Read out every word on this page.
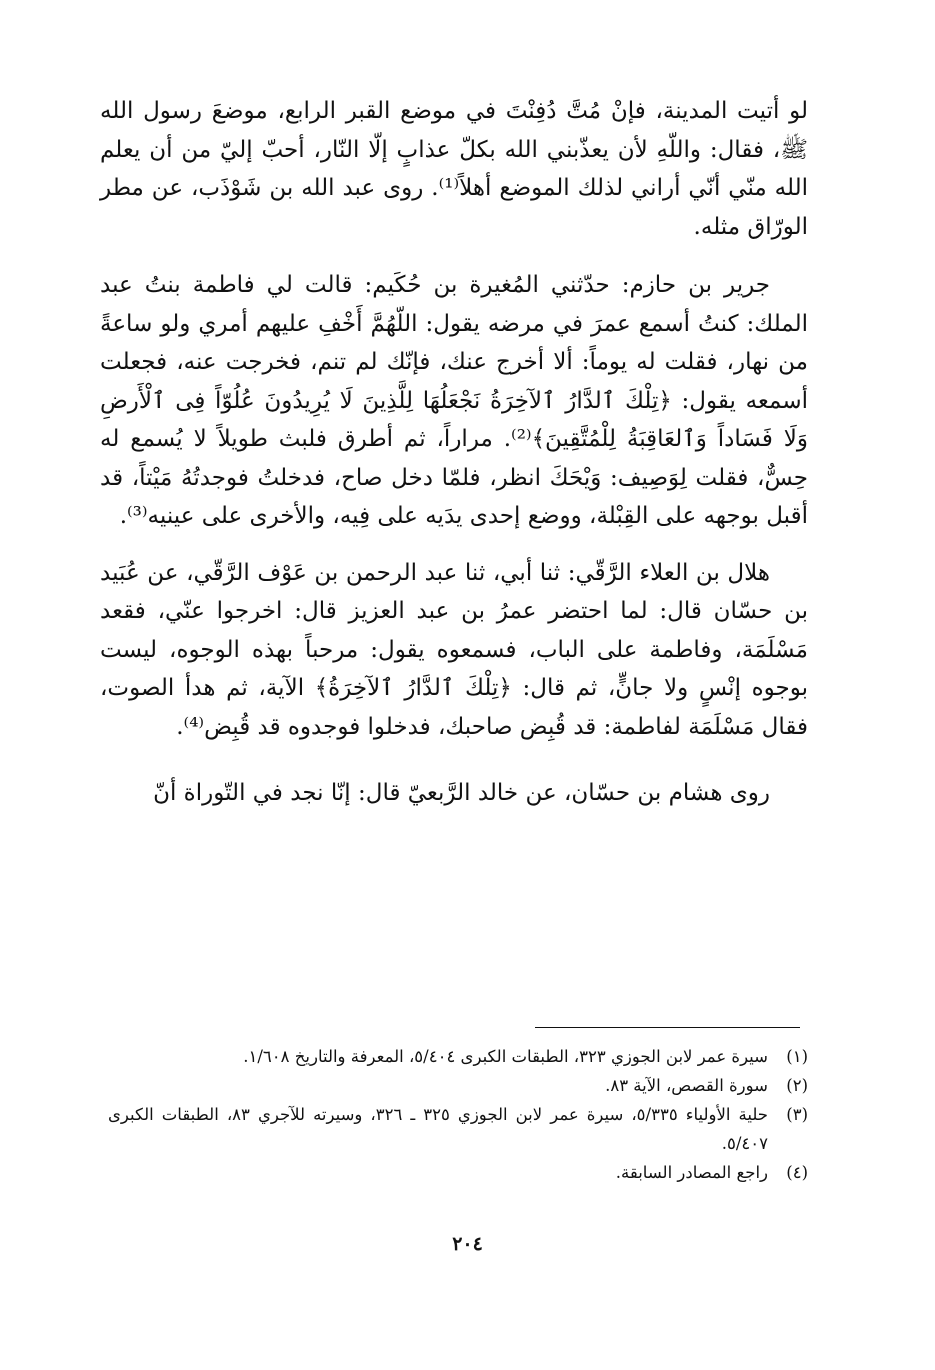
لو أتيت المدينة، فإنْ مُتَّ دُفِنْتَ في موضع القبر الرابع، موضعَ رسول الله ﷺ، فقال: واللّهِ لأن يعذّبني الله بكلّ عذابٍ إلّا النّار، أحبّ إليّ من أن يعلم الله منّي أنّي أراني لذلك الموضع أهلاً⁽¹⁾. روى عبد الله بن شَوْذَب، عن مطر الورّاق مثله.

جرير بن حازم: حدّثني المُغيرة بن حُكَيم: قالت لي فاطمة بنتُ عبد الملك: كنتُ أسمع عمرَ في مرضه يقول: اللّهُمَّ أَخْفِ عليهم أمري ولو ساعةً من نهار، فقلت له يوماً: ألا أخرج عنك، فإنّك لم تنم، فخرجت عنه، فجعلت أسمعه يقول: ﴿تِلْكَ ٱلدَّارُ ٱلآخِرَةُ نَجْعَلُهَا لِلَّذِينَ لَا يُرِيدُونَ عُلُوّاً فِى ٱلْأَرضِ وَلَا فَسَاداً وَٱلعَاقِبَةُ لِلْمُتَّقِينَ﴾⁽²⁾. مراراً، ثم أطرق فلبث طويلاً لا يُسمع له حِسٌّ، فقلت لِوَصِيف: وَيْحَكَ انظر، فلمّا دخل صاح، فدخلتُ فوجدتُهُ مَيْتاً، قد أقبل بوجهه على القِبْلة، ووضع إحدى يدَيه على فِيه، والأخرى على عينيه⁽³⁾.

هلال بن العلاء الرَّقّي: ثنا أبي، ثنا عبد الرحمن بن عَوْف الرَّقّي، عن عُبَيد بن حسّان قال: لما احتضر عمرُ بن عبد العزيز قال: اخرجوا عنّي، فقعد مَسْلَمَة، وفاطمة على الباب، فسمعوه يقول: مرحباً بهذه الوجوه، ليست بوجوه إنْسٍ ولا جانٍّ، ثم قال: ﴿تِلْكَ ٱلدَّارُ ٱلآخِرَةُ﴾ الآية، ثم هدأ الصوت، فقال مَسْلَمَة لفاطمة: قد قُبِض صاحبك، فدخلوا فوجدوه قد قُبِض⁽⁴⁾.

روى هشام بن حسّان، عن خالد الرَّبعيّ قال: إنّا نجد في التّوراة أنّ

(١)
سيرة عمر لابن الجوزي ٣٢٣، الطبقات الكبرى ٥/٤٠٤، المعرفة والتاريخ ١/٦٠٨.
(٢)
سورة القصص، الآية ٨٣.
(٣)
حلية الأولياء ٥/٣٣٥، سيرة عمر لابن الجوزي ٣٢٥ ـ ٣٢٦، وسيرته للآجري ٨٣، الطبقات الكبرى ٥/٤٠٧.
(٤)
راجع المصادر السابقة.
٢٠٤
